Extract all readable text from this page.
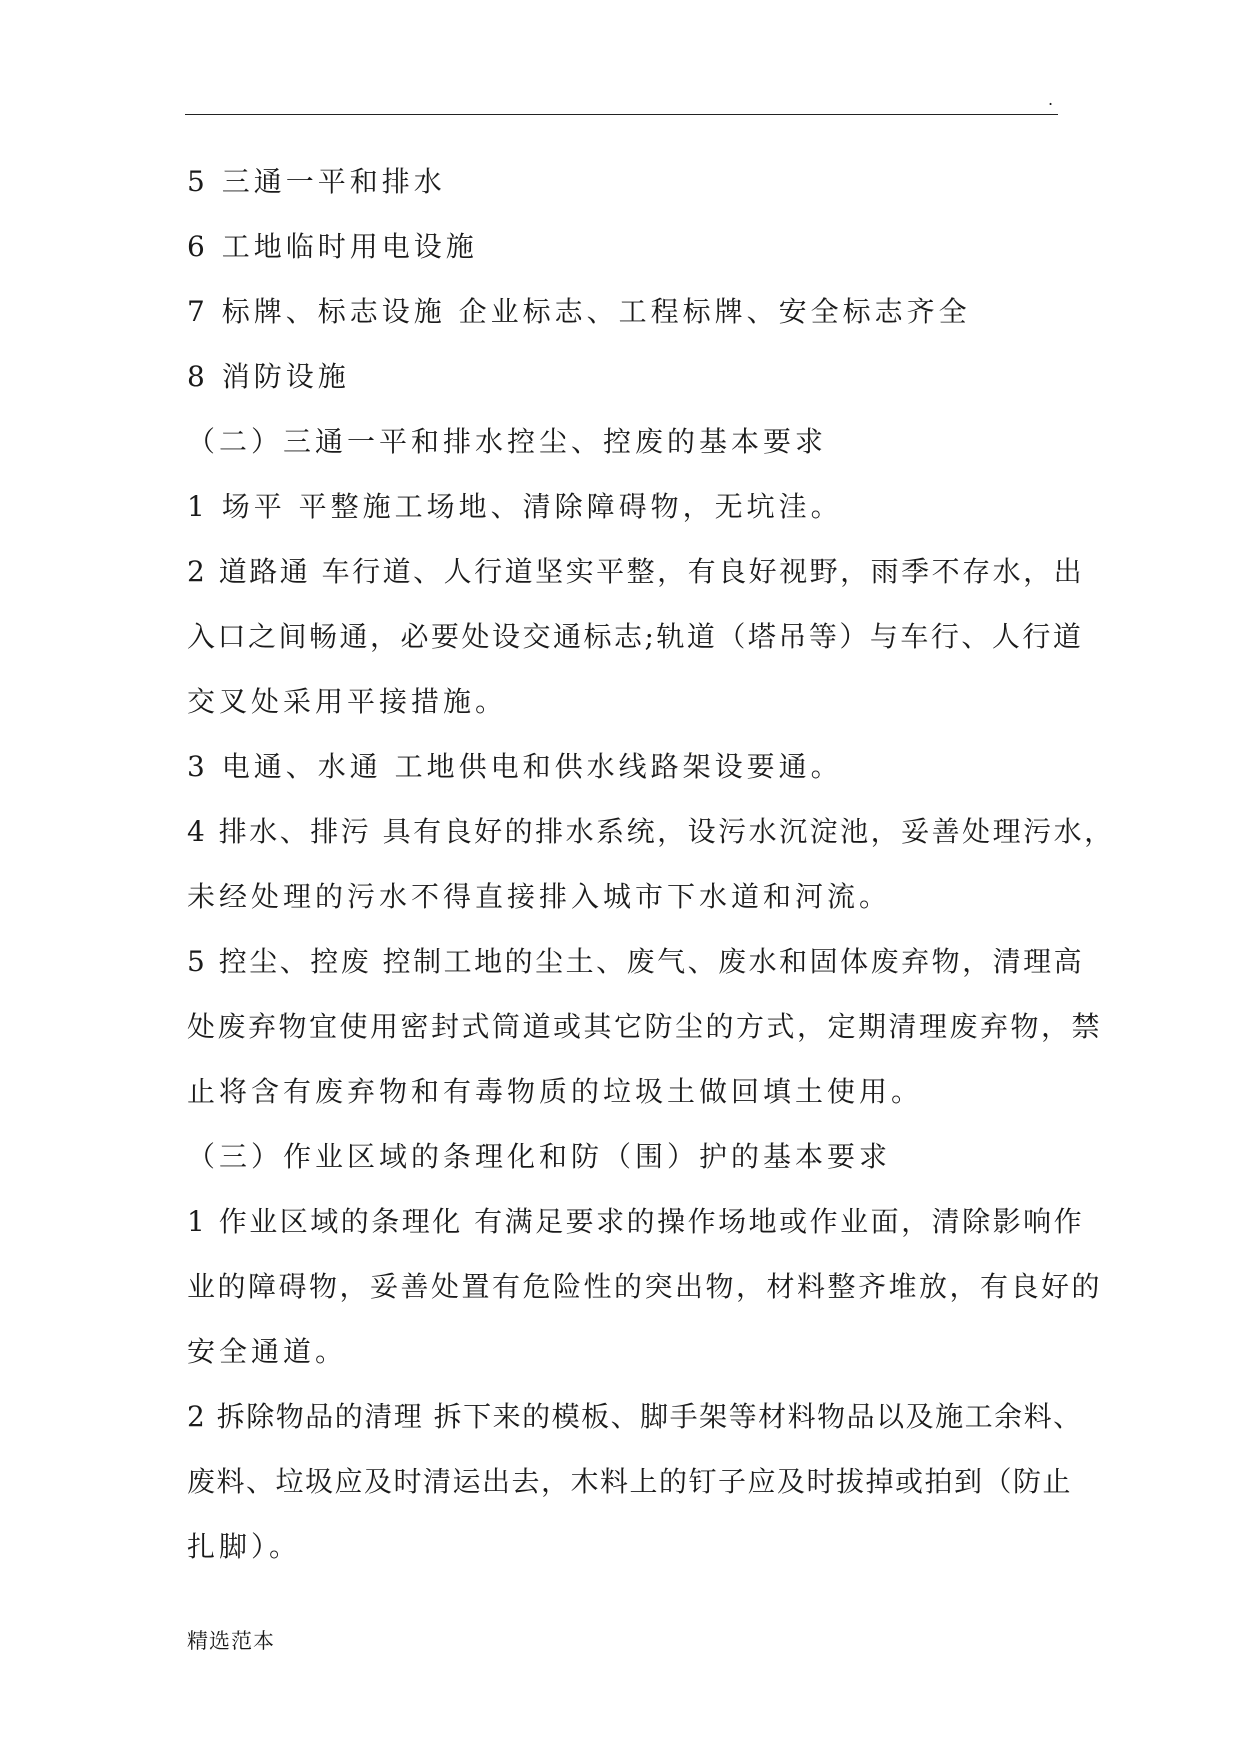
.
5 三通一平和排水
6 工地临时用电设施
7 标牌、标志设施 企业标志、工程标牌、安全标志齐全
8 消防设施
（二）三通一平和排水控尘、控废的基本要求
1 场平 平整施工场地、清除障碍物，无坑洼。
2 道路通 车行道、人行道坚实平整，有良好视野，雨季不存水，出
入口之间畅通，必要处设交通标志;轨道（塔吊等）与车行、人行道
交叉处采用平接措施。
3 电通、水通 工地供电和供水线路架设要通。
4 排水、排污 具有良好的排水系统，设污水沉淀池，妥善处理污水，
未经处理的污水不得直接排入城市下水道和河流。
5 控尘、控废 控制工地的尘土、废气、废水和固体废弃物，清理高
处废弃物宜使用密封式筒道或其它防尘的方式，定期清理废弃物，禁
止将含有废弃物和有毒物质的垃圾土做回填土使用。
（三）作业区域的条理化和防（围）护的基本要求
1 作业区域的条理化 有满足要求的操作场地或作业面，清除影响作
业的障碍物，妥善处置有危险性的突出物，材料整齐堆放，有良好的
安全通道。
2 拆除物品的清理 拆下来的模板、脚手架等材料物品以及施工余料、
废料、垃圾应及时清运出去，木料上的钉子应及时拔掉或拍到（防止
扎脚）。
精选范本
